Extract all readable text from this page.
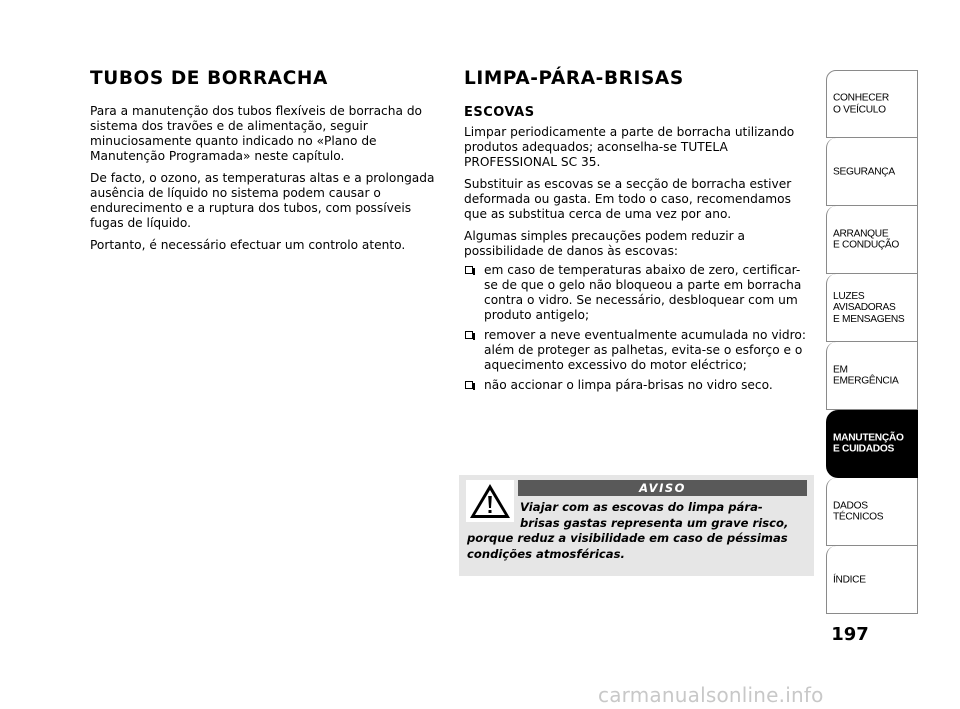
TUBOS DE BORRACHA

Para a manutenção dos tubos flexíveis de borracha do sistema dos travões e de alimentação, seguir minuciosamente quanto indicado no «Plano de Manutenção Programada» neste capítulo.

De facto, o ozono, as temperaturas altas e a prolongada ausência de líquido no sistema podem causar o endurecimento e a ruptura dos tubos, com possíveis fugas de líquido.

Portanto, é necessário efectuar um controlo atento.

LIMPA-PÁRA-BRISAS
ESCOVAS

Limpar periodicamente a parte de borracha utilizando produtos adequados; aconselha-se TUTELA PROFESSIONAL SC 35.

Substituir as escovas se a secção de borracha estiver deformada ou gasta. Em todo o caso, recomendamos que as substitua cerca de uma vez por ano.

Algumas simples precauções podem reduzir a possibilidade de danos às escovas:

em caso de temperaturas abaixo de zero, certificar-se de que o gelo não bloqueou a parte em borracha contra o vidro. Se necessário, desbloquear com um produto antigelo;
remover a neve eventualmente acumulada no vidro: além de proteger as palhetas, evita-se o esforço e o aquecimento excessivo do motor eléctrico;
não accionar o limpa pára-brisas no vidro seco.
AVISO
Viajar com as escovas do limpa pára-
brisas gastas representa um grave risco,
porque reduz a visibilidade em caso de péssimas condições atmosféricas.
CONHECER
O VEÍCULO
SEGURANÇA
ARRANQUE
E CONDUÇÃO
LUZES
AVISADORAS
E MENSAGENS
EM EMERGÊNCIA
MANUTENÇÃO
E CUIDADOS
DADOS
TÉCNICOS
ÍNDICE
197
carmanualsonline.info
